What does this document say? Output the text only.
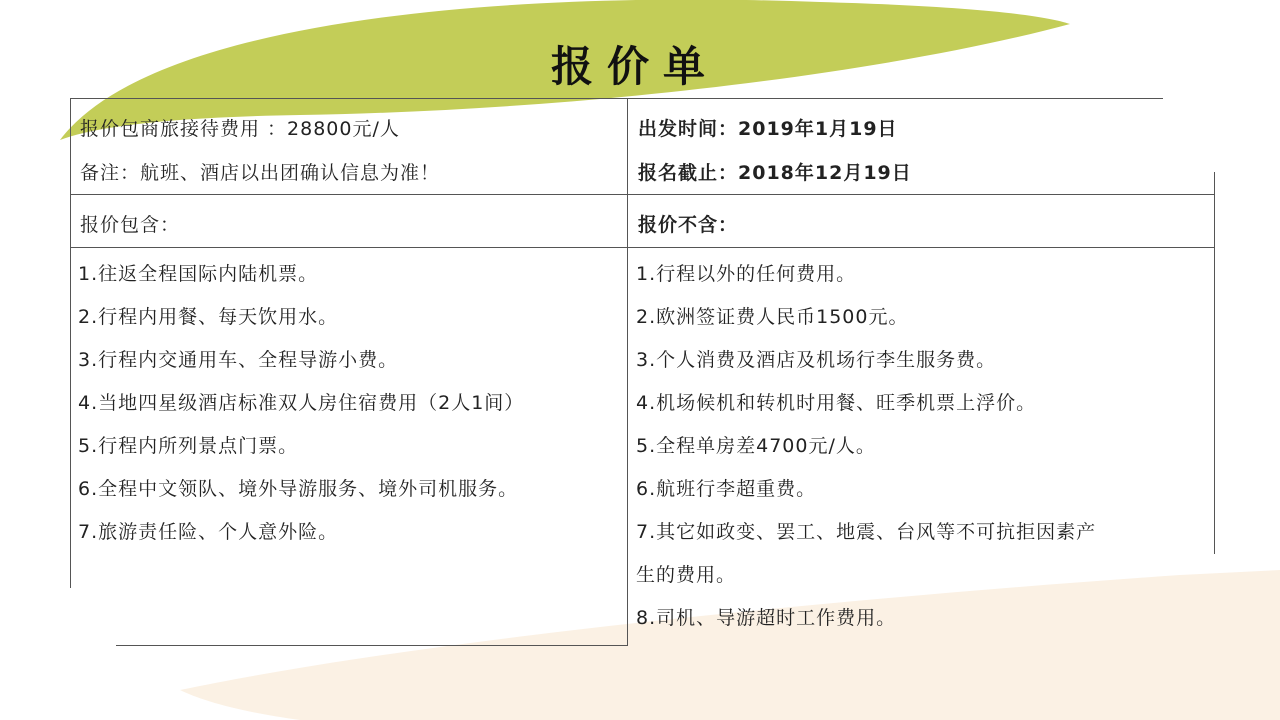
报价单
报价包商旅接待费用 ：28800元/人
备注：航班、酒店以出团确认信息为准！
出发时间：2019年1月19日
报名截止：2018年12月19日
报价包含：	报价不含：
1.往返全程国际内陆机票。
2.行程内用餐、每天饮用水。
3.行程内交通用车、全程导游小费。
4.当地四星级酒店标准双人房住宿费用（2人1间）
5.行程内所列景点门票。
6.全程中文领队、境外导游服务、境外司机服务。
7.旅游责任险、个人意外险。
1.行程以外的任何费用。
2.欧洲签证费人民币1500元。
3.个人消费及酒店及机场行李生服务费。
4.机场候机和转机时用餐、旺季机票上浮价。
5.全程单房差4700元/人。
6.航班行李超重费。
7.其它如政变、罢工、地震、台风等不可抗拒因素产
生的费用。
8.司机、导游超时工作费用。
